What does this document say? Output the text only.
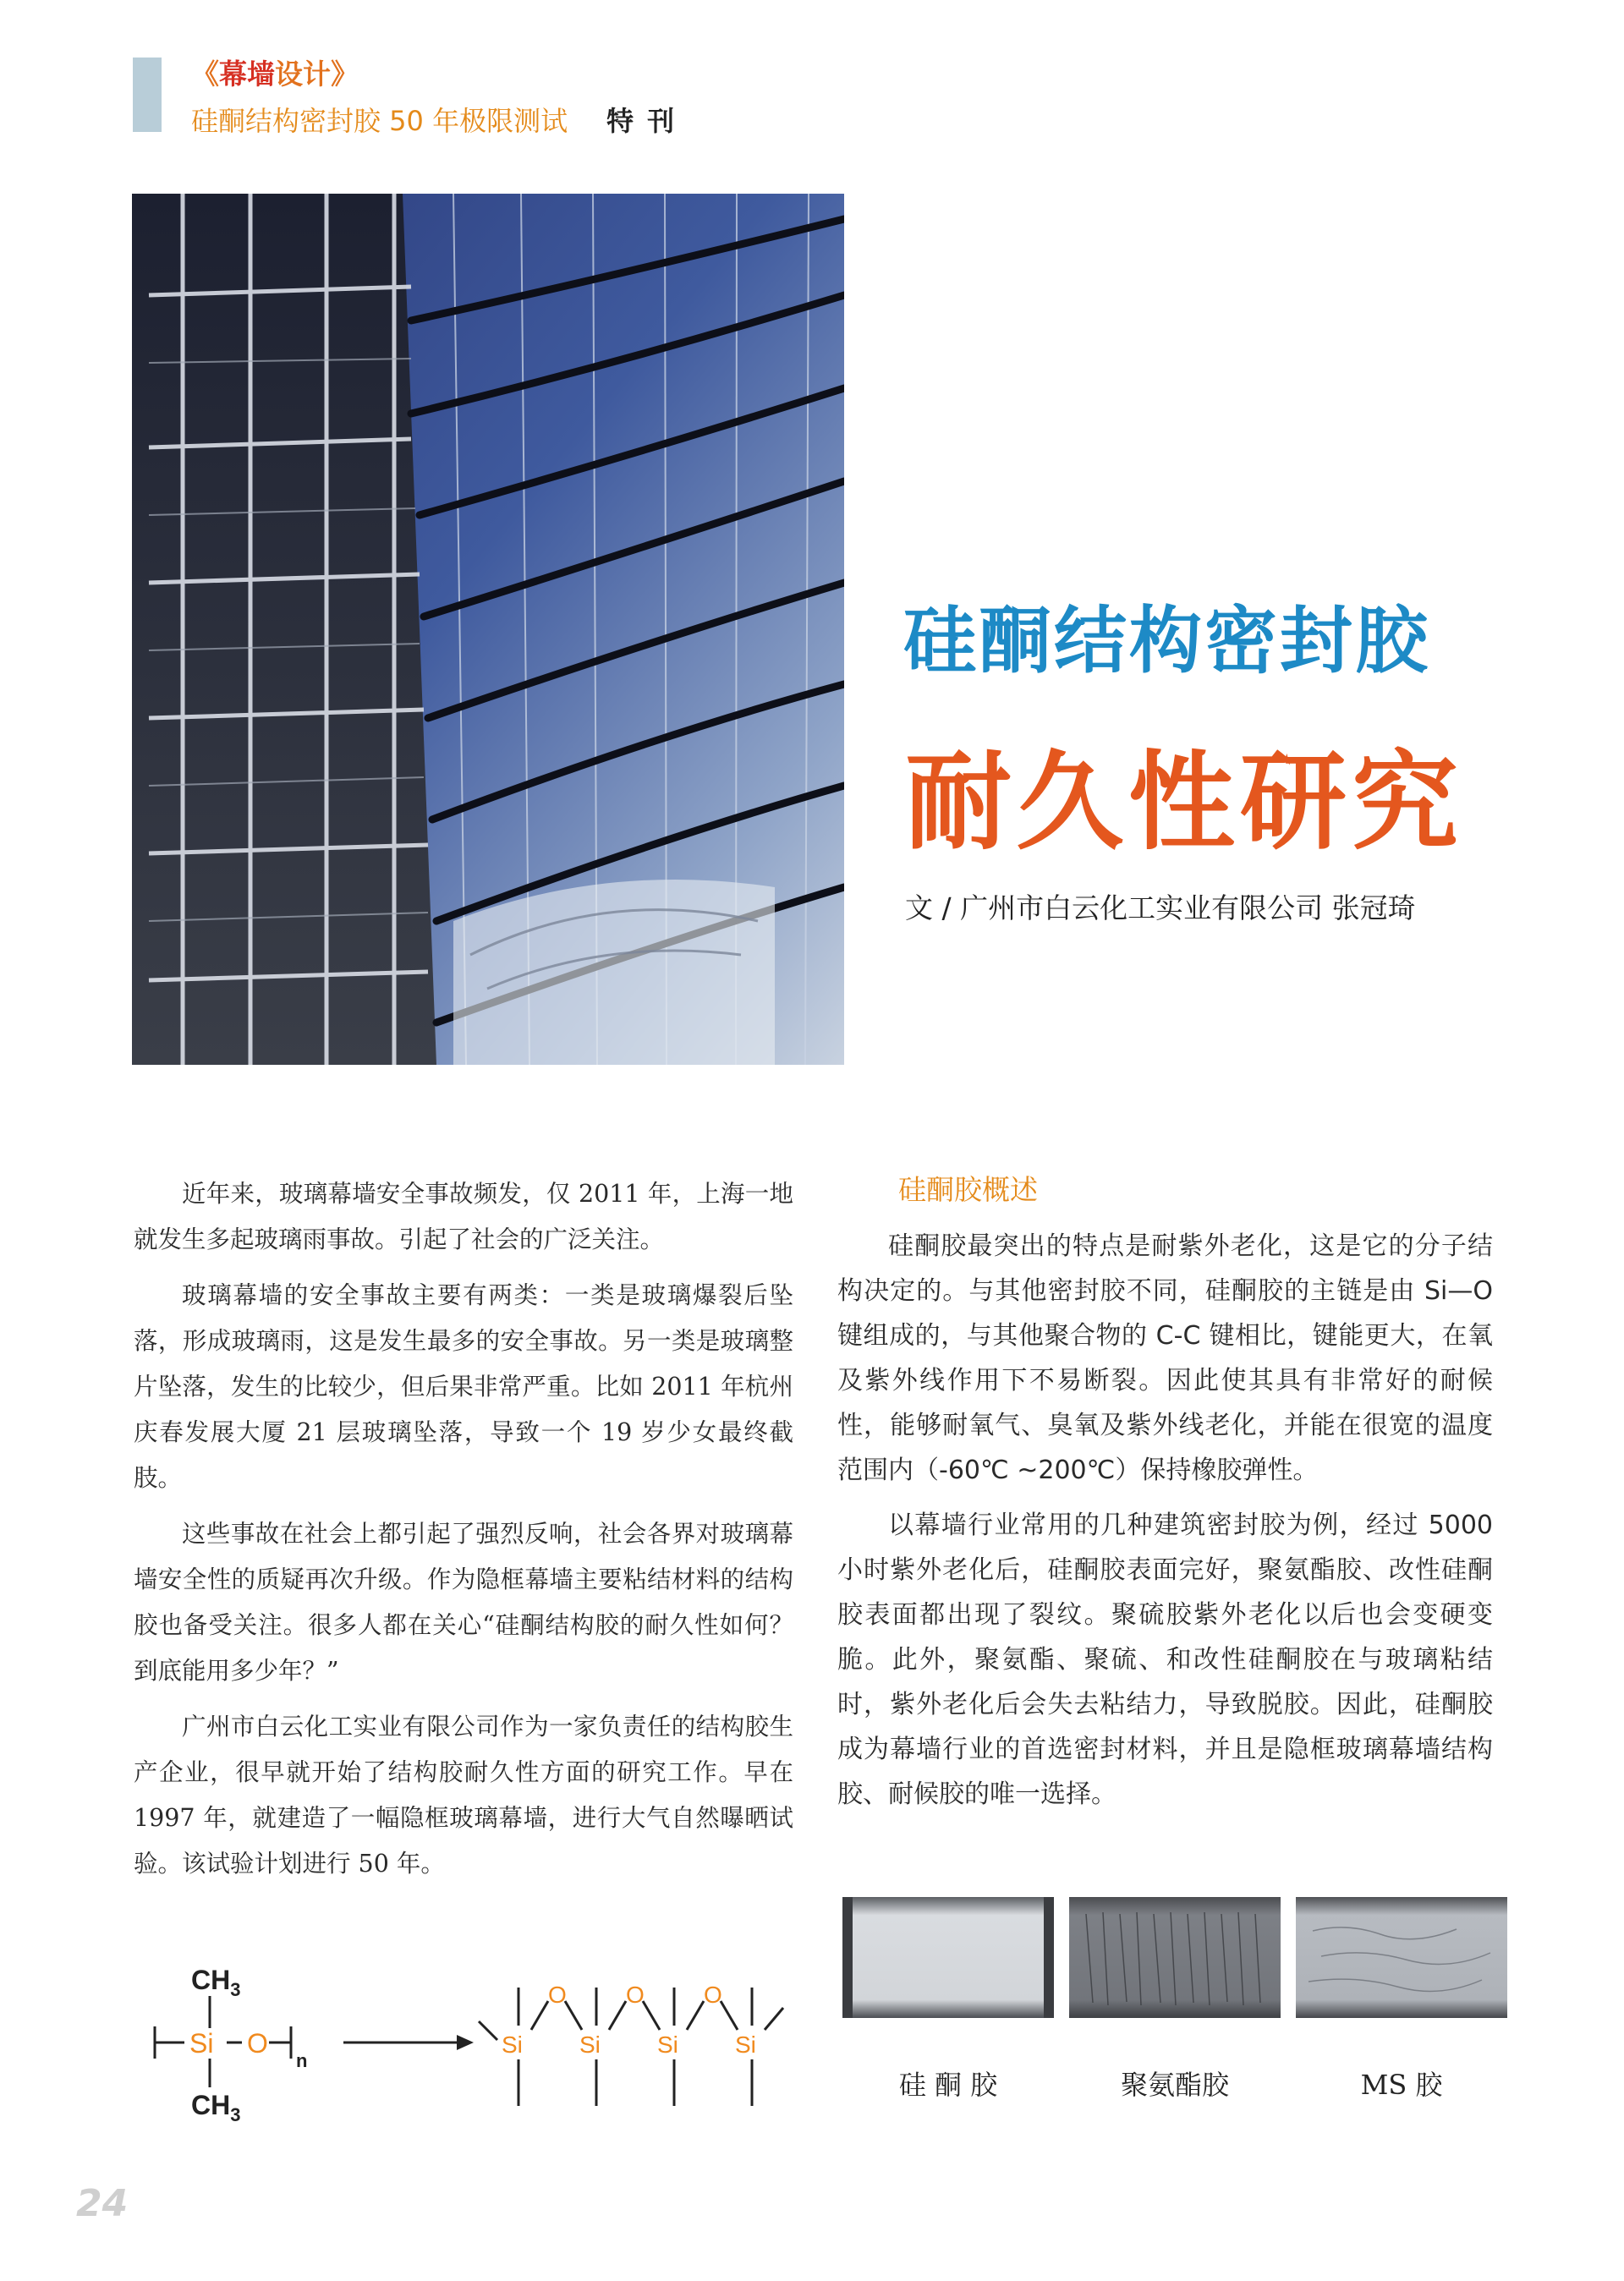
《幕墙设计》
硅酮结构密封胶 50 年极限测试 特刊
硅酮结构密封胶
耐久性研究
文 / 广州市白云化工实业有限公司 张冠琦

近年来，玻璃幕墙安全事故频发，仅 2011 年，上海一地就发生多起玻璃雨事故。引起了社会的广泛关注。

玻璃幕墙的安全事故主要有两类：一类是玻璃爆裂后坠落，形成玻璃雨，这是发生最多的安全事故。另一类是玻璃整片坠落，发生的比较少，但后果非常严重。比如 2011 年杭州庆春发展大厦 21 层玻璃坠落，导致一个 19 岁少女最终截肢。

这些事故在社会上都引起了强烈反响，社会各界对玻璃幕墙安全性的质疑再次升级。作为隐框幕墙主要粘结材料的结构胶也备受关注。很多人都在关心“硅酮结构胶的耐久性如何？到底能用多少年？”

广州市白云化工实业有限公司作为一家负责任的结构胶生产企业，很早就开始了结构胶耐久性方面的研究工作。早在 1997 年，就建造了一幅隐框玻璃幕墙，进行大气自然曝晒试验。该试验计划进行 50 年。

硅酮胶概述

硅酮胶最突出的特点是耐紫外老化，这是它的分子结构决定的。与其他密封胶不同，硅酮胶的主链是由 Si—O 键组成的，与其他聚合物的 C-C 键相比，键能更大，在氧及紫外线作用下不易断裂。因此使其具有非常好的耐候性，能够耐氧气、臭氧及紫外线老化，并能在很宽的温度范围内（-60℃ ~200℃）保持橡胶弹性。

以幕墙行业常用的几种建筑密封胶为例，经过 5000 小时紫外老化后，硅酮胶表面完好，聚氨酯胶、改性硅酮胶表面都出现了裂纹。聚硫胶紫外老化以后也会变硬变脆。此外，聚氨酯、聚硫、和改性硅酮胶在与玻璃粘结时，紫外老化后会失去粘结力，导致脱胶。因此，硅酮胶成为幕墙行业的首选密封材料，并且是隐框玻璃幕墙结构胶、耐候胶的唯一选择。

$CH_3$
Si O
n
$CH_3$
Si
O
Si
O
Si
O
Si
硅 酮 胶	聚氨酯胶	MS 胶
24
